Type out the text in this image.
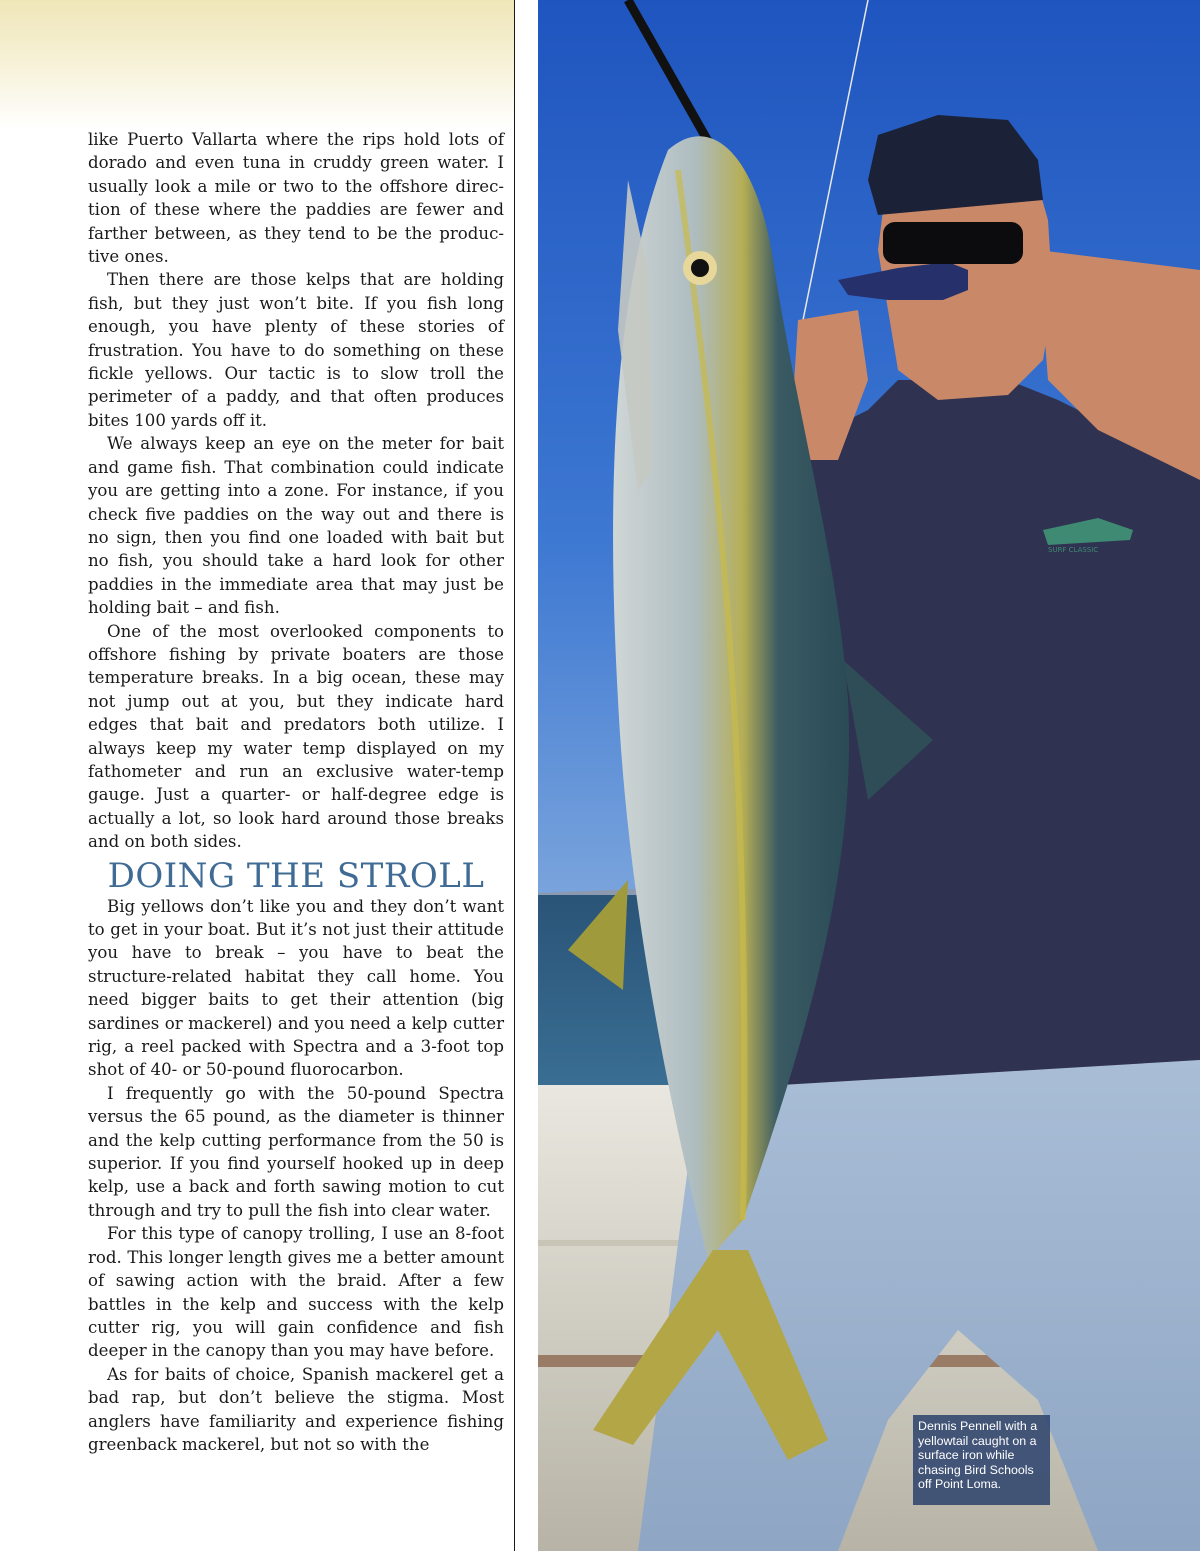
like Puerto Vallarta where the rips hold lots of dorado and even tuna in cruddy green water. I usually look a mile or two to the offshore direction of these where the paddies are fewer and farther between, as they tend to be the productive ones.

Then there are those kelps that are holding fish, but they just won’t bite. If you fish long enough, you have plenty of these stories of frustration. You have to do something on these fickle yellows. Our tactic is to slow troll the perimeter of a paddy, and that often produces bites 100 yards off it.

We always keep an eye on the meter for bait and game fish. That combination could indicate you are getting into a zone. For instance, if you check five paddies on the way out and there is no sign, then you find one loaded with bait but no fish, you should take a hard look for other paddies in the immediate area that may just be holding bait – and fish.

One of the most overlooked components to offshore fishing by private boaters are those temperature breaks. In a big ocean, these may not jump out at you, but they indicate hard edges that bait and predators both utilize. I always keep my water temp displayed on my fathometer and run an exclusive water-temp gauge. Just a quarter- or half-degree edge is actually a lot, so look hard around those breaks and on both sides.

DOING THE STROLL

Big yellows don’t like you and they don’t want to get in your boat. But it’s not just their attitude you have to break – you have to beat the structure-related habitat they call home. You need bigger baits to get their attention (big sardines or mackerel) and you need a kelp cutter rig, a reel packed with Spectra and a 3-foot top shot of 40- or 50-pound fluorocarbon.

I frequently go with the 50-pound Spectra versus the 65 pound, as the diameter is thinner and the kelp cutting performance from the 50 is superior. If you find yourself hooked up in deep kelp, use a back and forth sawing motion to cut through and try to pull the fish into clear water.

For this type of canopy trolling, I use an 8-foot rod. This longer length gives me a better amount of sawing action with the braid. After a few battles in the kelp and success with the kelp cutter rig, you will gain confidence and fish deeper in the canopy than you may have before.

As for baits of choice, Spanish mackerel get a bad rap, but don’t believe the stigma. Most anglers have familiarity and experience fishing greenback mackerel, but not so with the

SURF CLASSIC
Dennis Pennell with a yellowtail caught on a surface iron while chasing Bird Schools off Point Loma.
